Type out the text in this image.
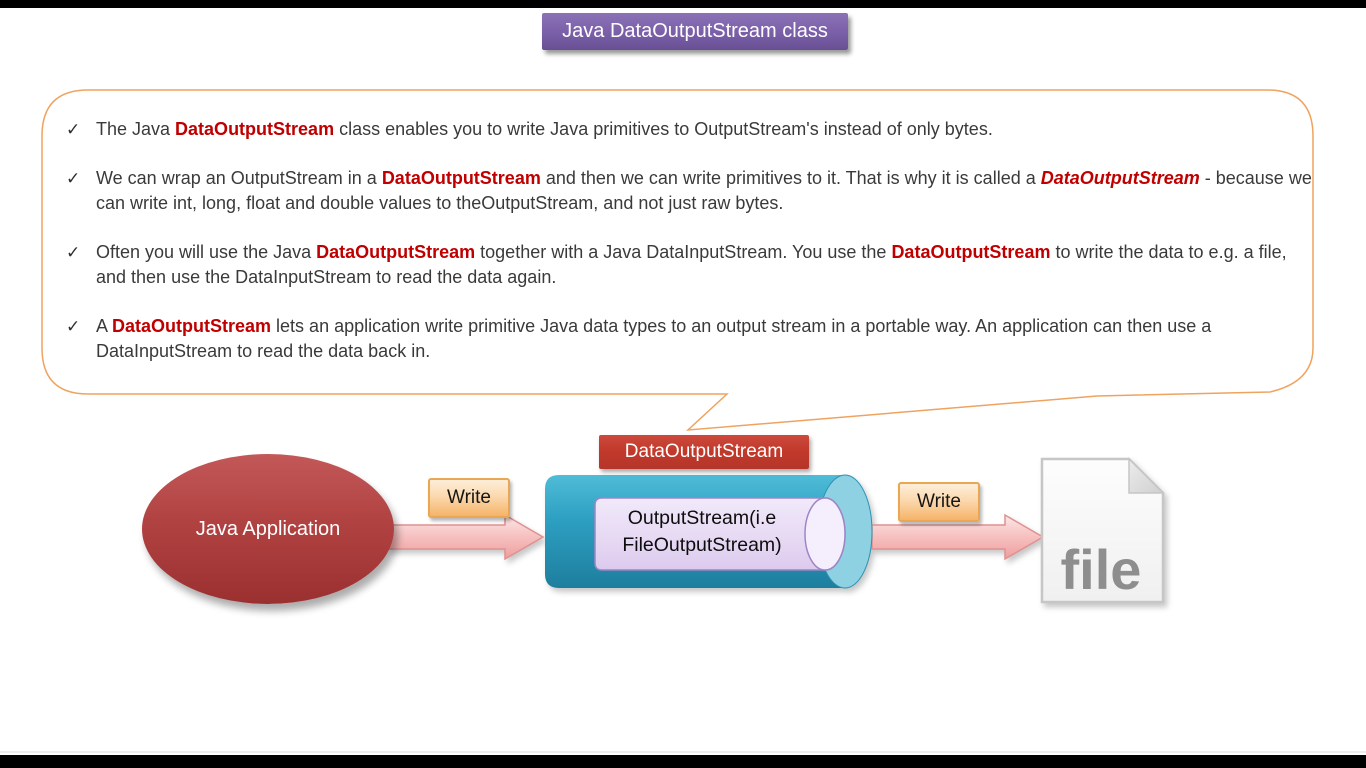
Java DataOutputStream class
✓ The Java DataOutputStream class enables you to write Java primitives to OutputStream's instead of only bytes.
✓ We can wrap an OutputStream in a DataOutputStream and then we can write primitives to it. That is why it is called a DataOutputStream - because we can write int, long, float and double values to theOutputStream, and not just raw bytes.
✓ Often you will use the Java DataOutputStream together with a Java DataInputStream. You use the DataOutputStream to write the data to e.g. a file, and then use the DataInputStream to read the data again.
✓ A DataOutputStream lets an application write primitive Java data types to an output stream in a portable way. An application can then use a DataInputStream to read the data back in.
file
Java Application
DataOutputStream
Write	Write
OutputStream(i.e FileOutputStream)
